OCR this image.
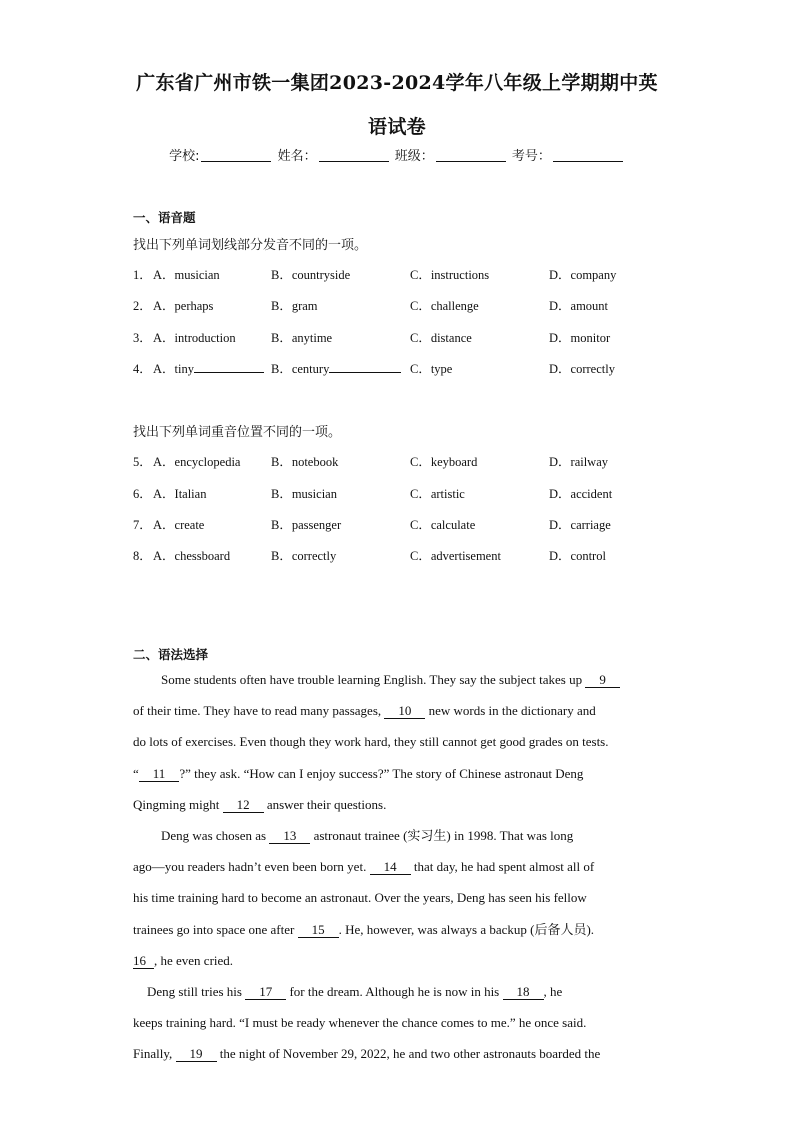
广东省广州市铁一集团2023-2024学年八年级上学期期中英
语试卷
学校:	姓名：	班级：	考号：
一、语音题
找出下列单词划线部分发音不同的一项。
1． A．musician	B．countryside	C．instructions	D．company
2． A．perhaps	B．gram	C．challenge	D．amount
3． A．introduction	B．anytime	C．distance	D．monitor
4． A．tiny	B．century	C．type	D．correctly
找出下列单词重音位置不同的一项。
5． A．encyclopedia B．notebook	C．keyboard	D．railway
6． A．Italian	B．musician	C．artistic	D．accident
7． A．create	B．passenger	C．calculate	D．carriage
8． A．chessboard	B．correctly	C．advertisement	D．control
二、语法选择
Some students often have trouble learning English. They say the subject takes up 9
of their time. They have to read many passages, 10 new words in the dictionary and
do lots of exercises. Even though they work hard, they still cannot get good grades on tests.
“ 11 ?” they ask. “How can I enjoy success?” The story of Chinese astronaut Deng
Qingming might 12 answer their questions.
Deng was chosen as 13 astronaut trainee (实习生) in 1998. That was long
ago—you readers hadn’t even been born yet. 14 that day, he had spent almost all of
his time training hard to become an astronaut. Over the years, Deng has seen his fellow
trainees go into space one after 15 . He, however, was always a backup (后备人员).
16 , he even cried.
Deng still tries his 17 for the dream. Although he is now in his 18 , he
keeps training hard. “I must be ready whenever the chance comes to me.” he once said.
Finally, 19 the night of November 29, 2022, he and two other astronauts boarded the
